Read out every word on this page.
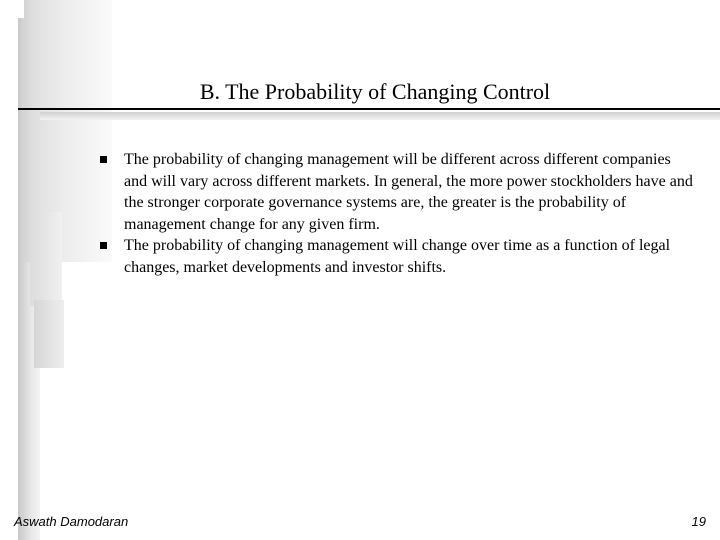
B. The Probability of Changing Control
The probability of changing management will be different across different companies and will vary across different markets. In general, the more power stockholders have and the stronger corporate governance systems are, the greater is the probability of management change for any given firm.
The probability of changing management will change over time as a function of legal changes, market developments and investor shifts.
Aswath Damodaran	19
